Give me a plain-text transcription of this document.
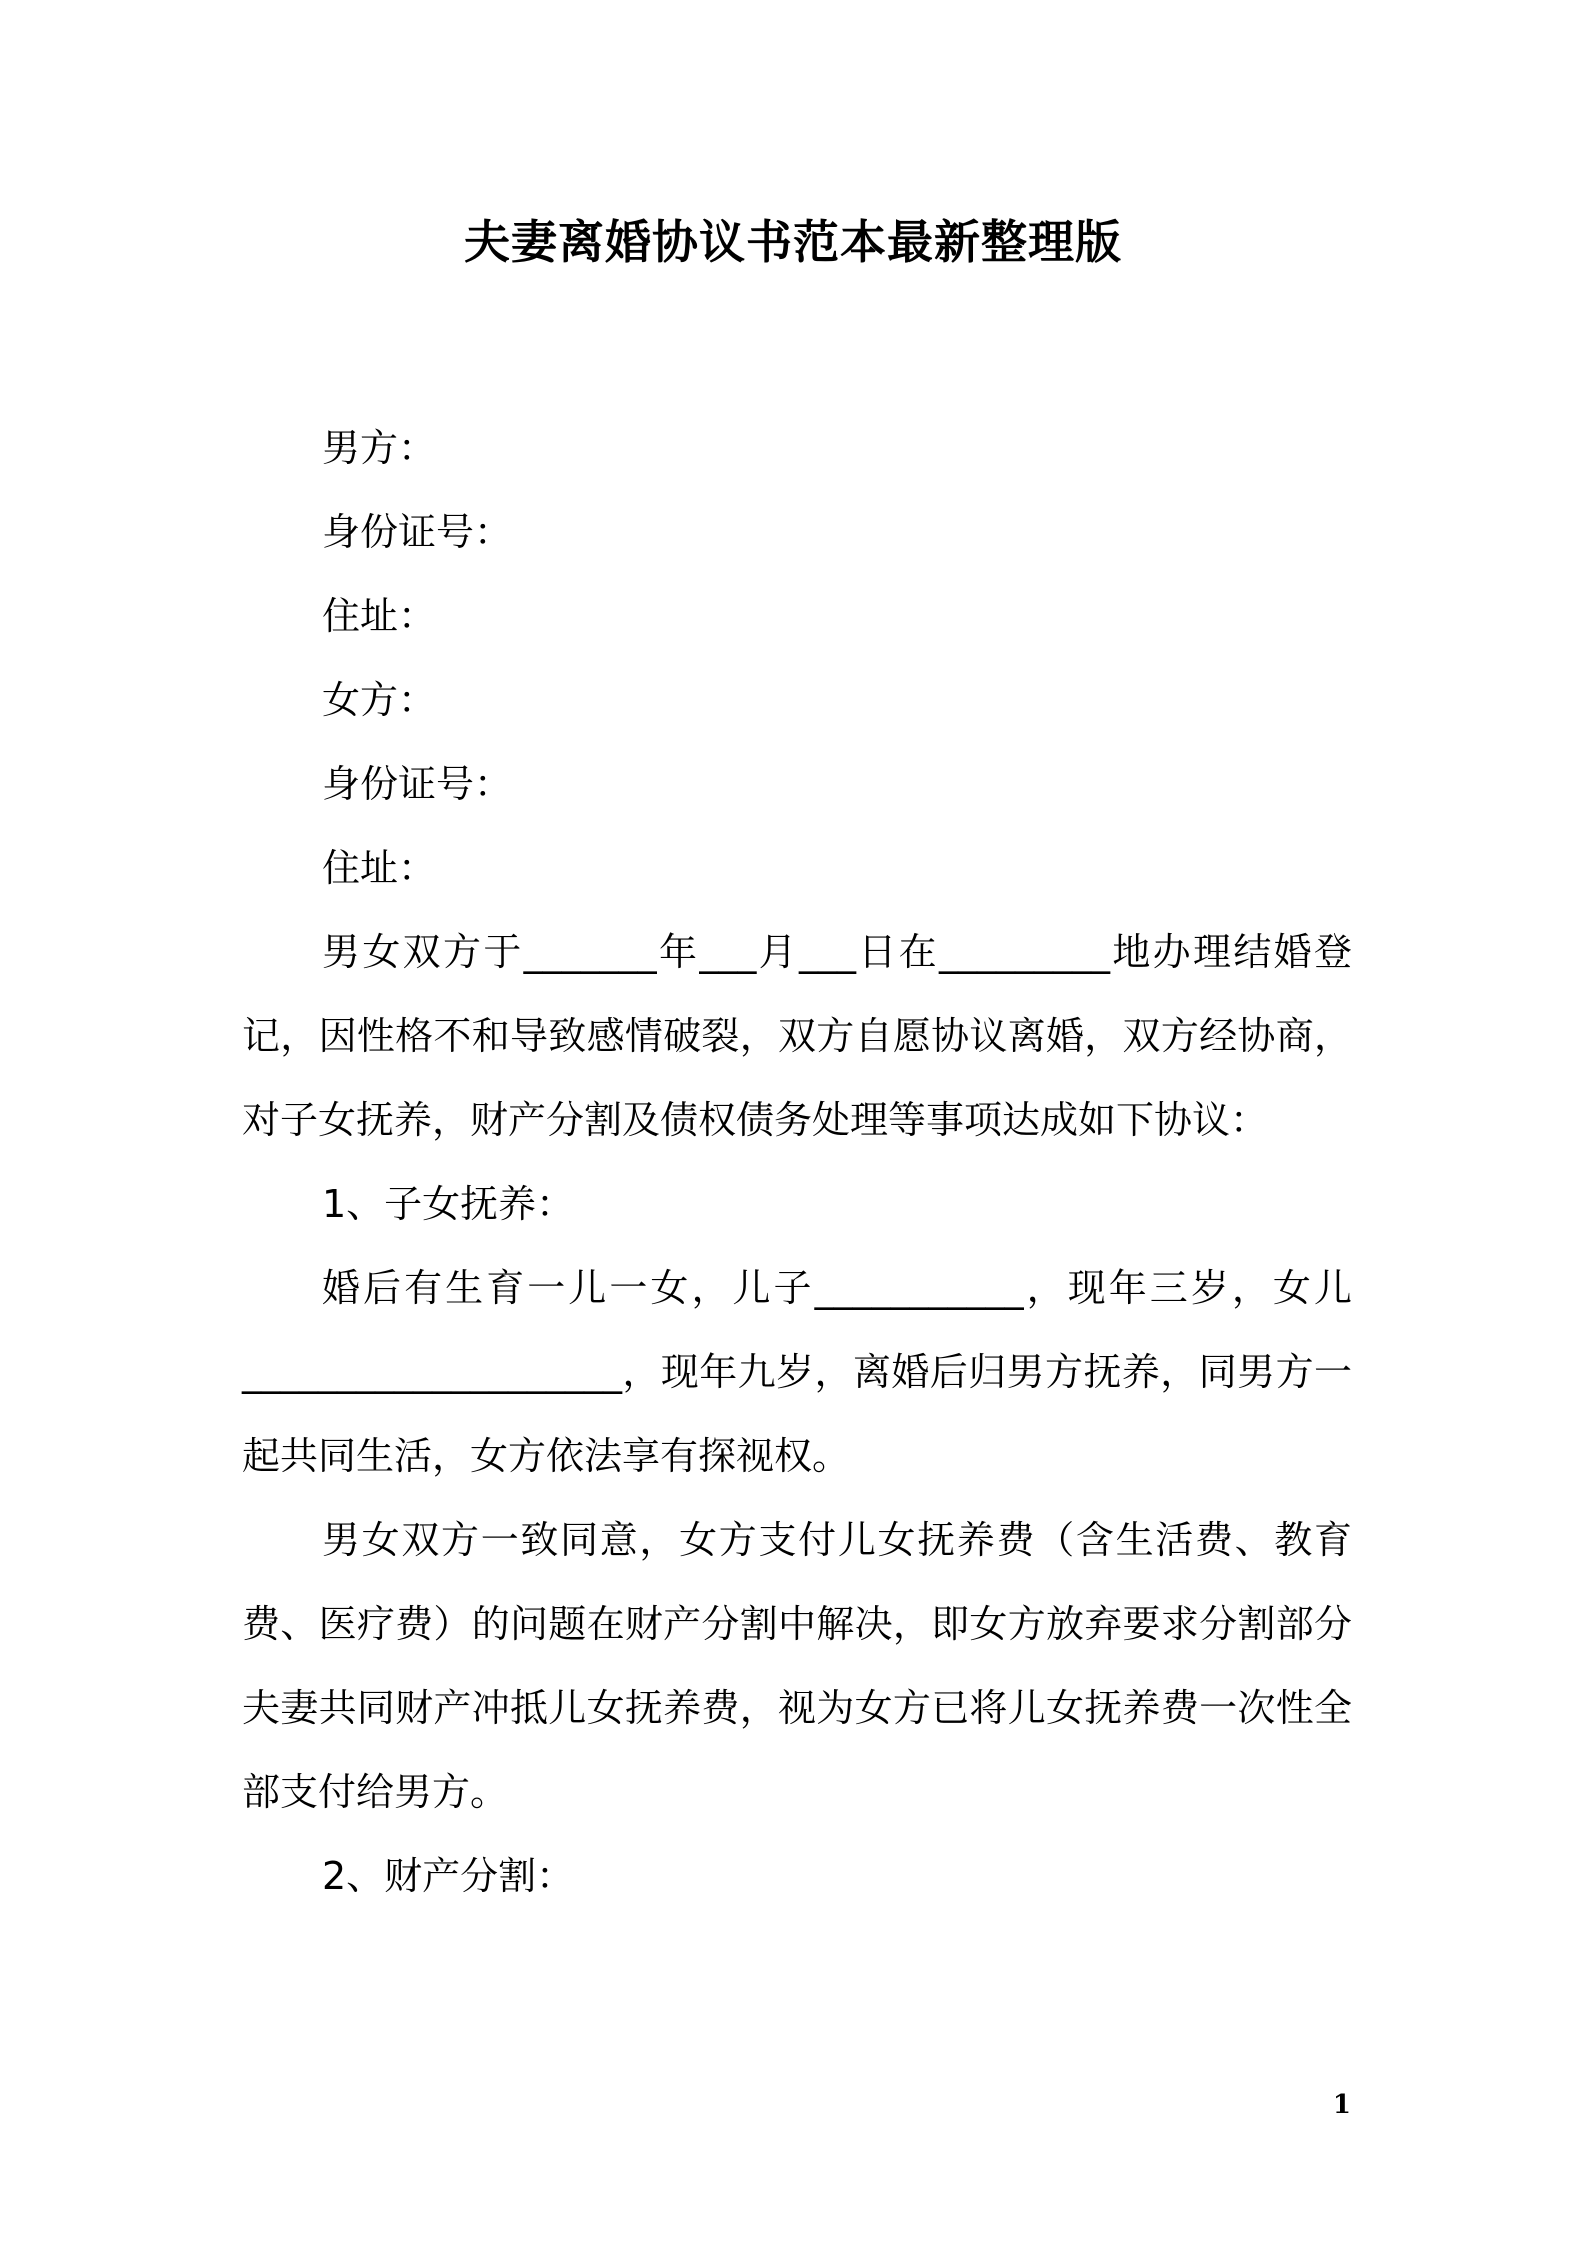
夫妻离婚协议书范本最新整理版

男方：

身份证号：

住址：

女方：

身份证号：

住址：

男女双方于_______年___月___日在_________地办理结婚登记，因性格不和导致感情破裂，双方自愿协议离婚，双方经协商，对子女抚养，财产分割及债权债务处理等事项达成如下协议：

1、子女抚养：

婚后有生育一儿一女，儿子___________，现年三岁，女儿____________________，现年九岁，离婚后归男方抚养，同男方一起共同生活，女方依法享有探视权。

男女双方一致同意，女方支付儿女抚养费（含生活费、教育费、医疗费）的问题在财产分割中解决，即女方放弃要求分割部分夫妻共同财产冲抵儿女抚养费，视为女方已将儿女抚养费一次性全部支付给男方。

2、财产分割：

1
